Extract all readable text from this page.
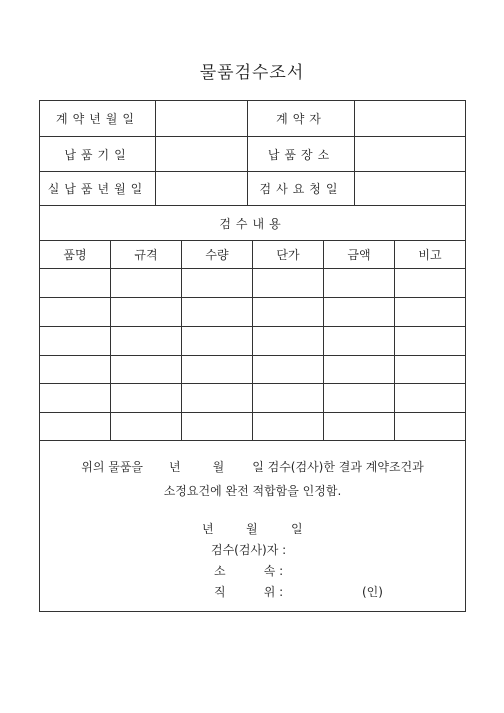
물품검수조서
계약년월일	계약자
납품기일	납품장소
실납품년월일	검사요청일
검수내용
품명	규격	수량	단가	금액	비고
위의 물품을 년	월 일 검수(검사)한 결과 계약조건과
소정요건에 완전 적합함을 인정함.
년	월	일
검수(검사)자 :
소          속 :
직          위 :	(인)
